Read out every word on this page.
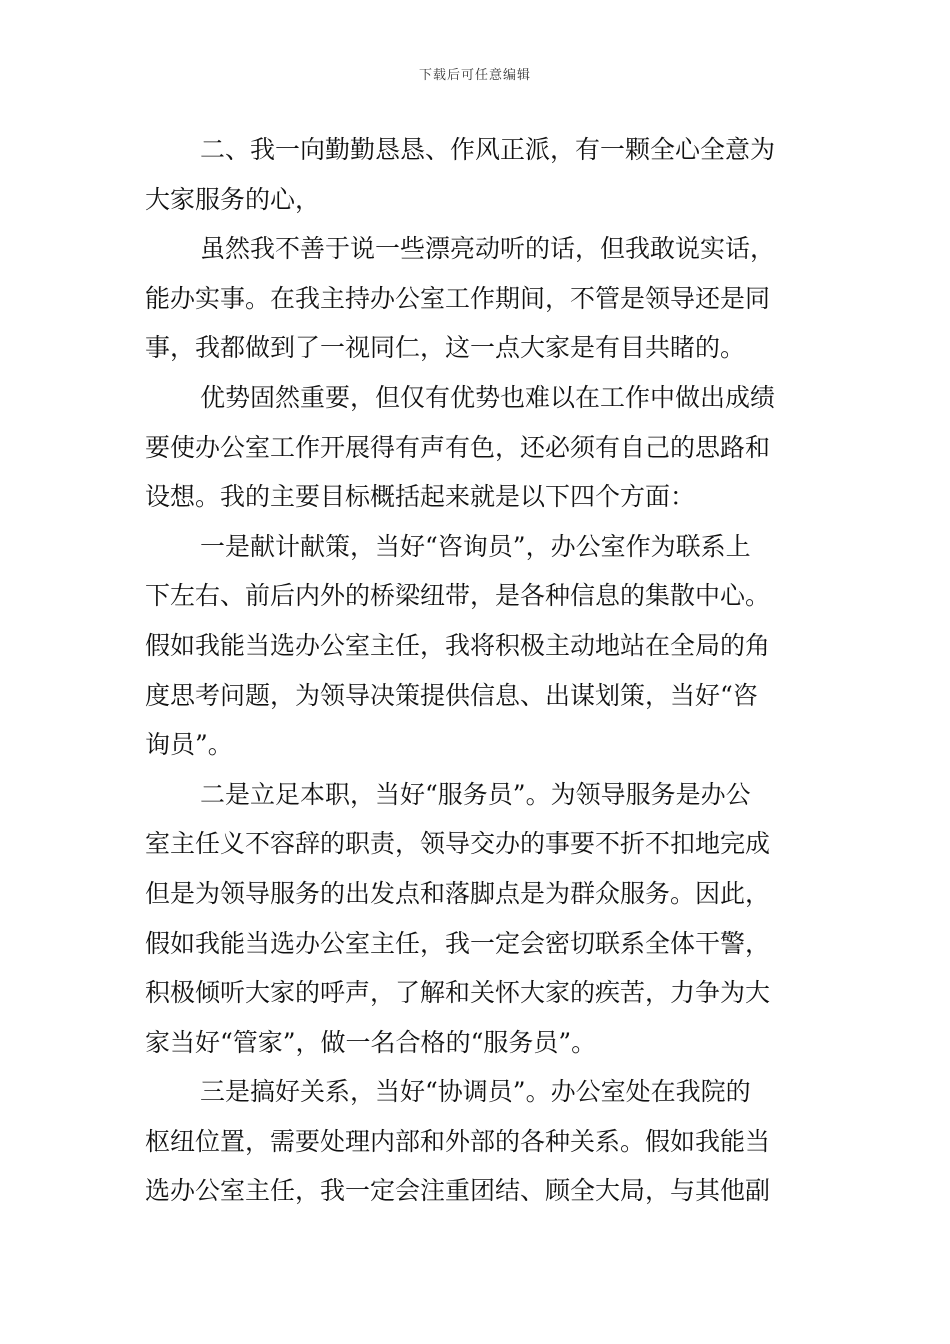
下载后可任意编辑
二、我一向勤勤恳恳、作风正派，有一颗全心全意为
大家服务的心，
虽然我不善于说一些漂亮动听的话，但我敢说实话，
能办实事。在我主持办公室工作期间，不管是领导还是同
事，我都做到了一视同仁，这一点大家是有目共睹的。
优势固然重要，但仅有优势也难以在工作中做出成绩
要使办公室工作开展得有声有色，还必须有自己的思路和
设想。我的主要目标概括起来就是以下四个方面：
一是献计献策，当好“咨询员”，办公室作为联系上
下左右、前后内外的桥梁纽带，是各种信息的集散中心。
假如我能当选办公室主任，我将积极主动地站在全局的角
度思考问题，为领导决策提供信息、出谋划策，当好“咨
询员”。
二是立足本职，当好“服务员”。为领导服务是办公
室主任义不容辞的职责，领导交办的事要不折不扣地完成
但是为领导服务的出发点和落脚点是为群众服务。因此，
假如我能当选办公室主任，我一定会密切联系全体干警，
积极倾听大家的呼声，了解和关怀大家的疾苦，力争为大
家当好“管家”，做一名合格的“服务员”。
三是搞好关系，当好“协调员”。办公室处在我院的
枢纽位置，需要处理内部和外部的各种关系。假如我能当
选办公室主任，我一定会注重团结、顾全大局，与其他副
